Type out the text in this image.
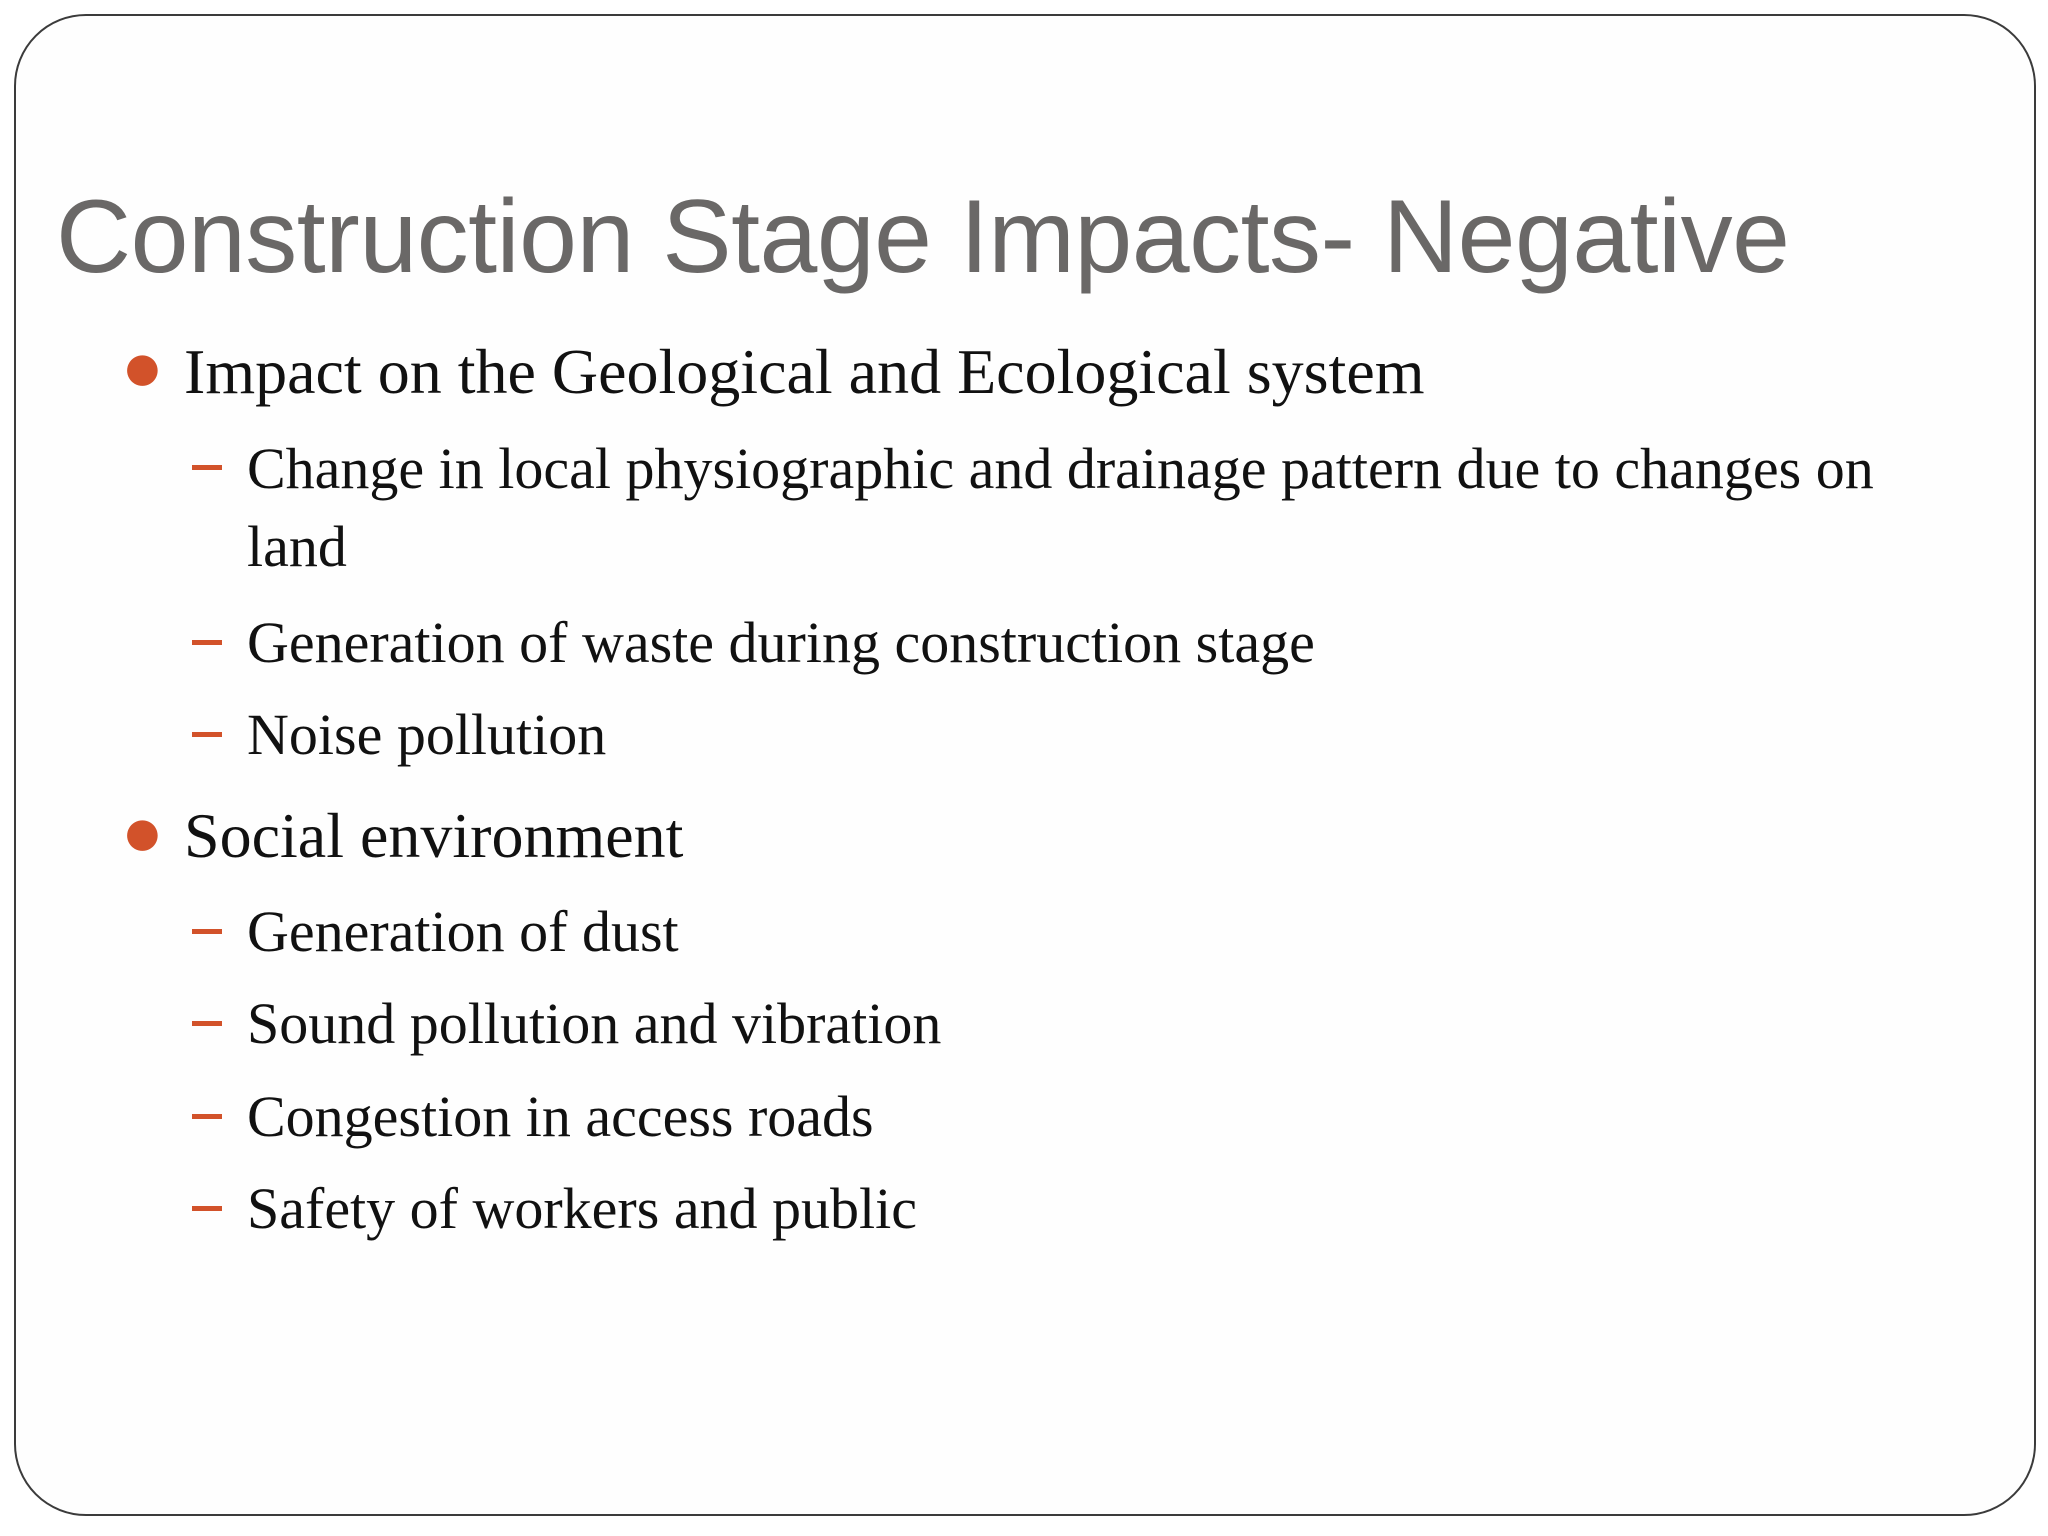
Construction Stage Impacts- Negative
● Impact on the Geological and Ecological system
Change in local physiographic and drainage pattern due to changes on land
Generation of waste during construction stage
Noise pollution
● Social environment
Generation of dust
Sound pollution and vibration
Congestion in access roads
Safety of workers and public
